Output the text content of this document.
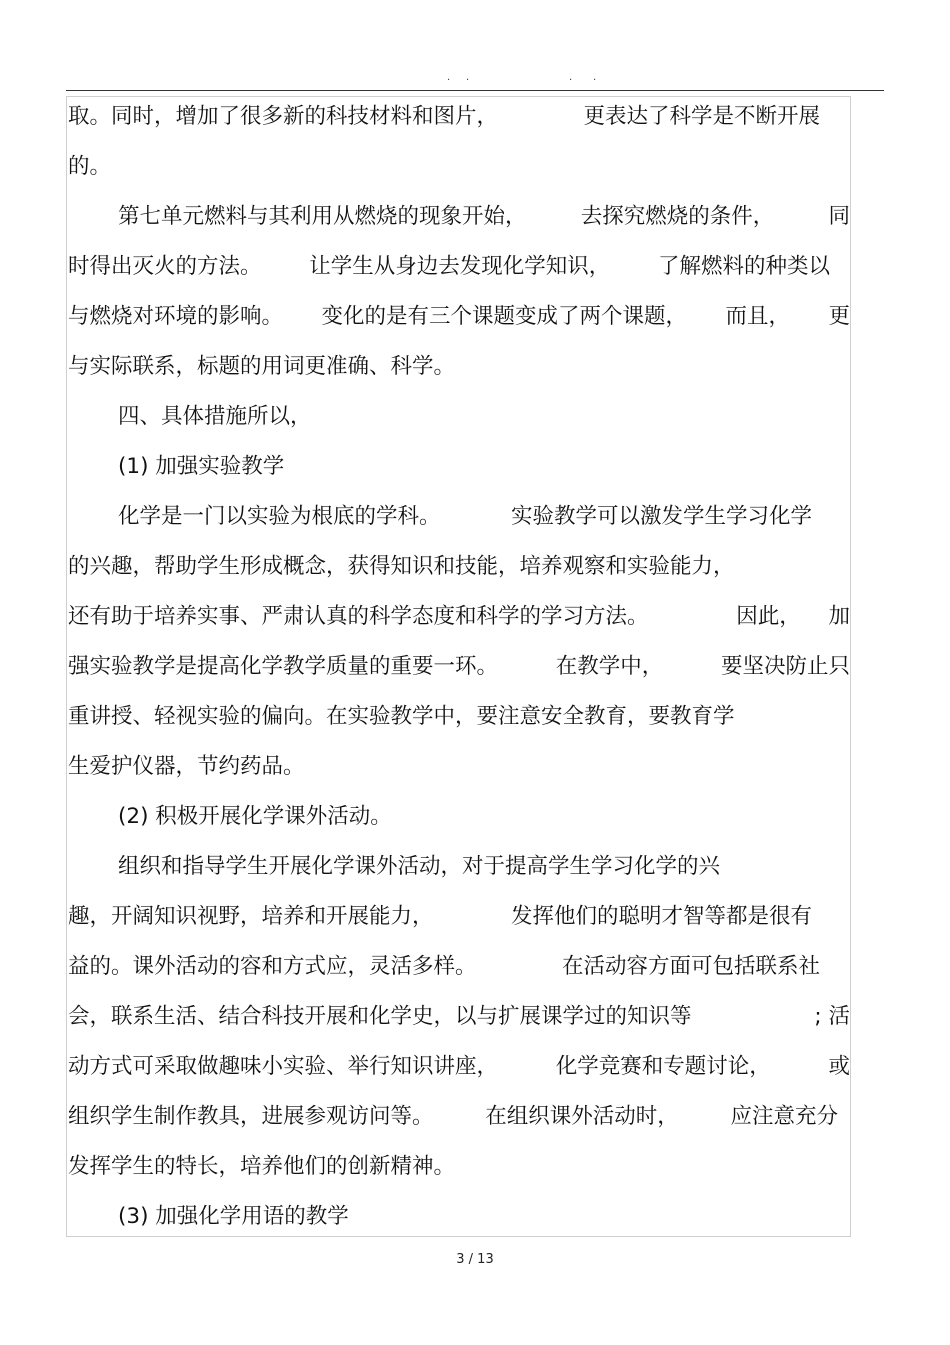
. .	. .
取。同时，增加了很多新的科技材料和图片，	更表达了科学是不断开展
的。
第七单元燃料与其利用从燃烧的现象开始，	去探究燃烧的条件，	同
时得出灭火的方法。 让学生从身边去发现化学知识， 了解燃料的种类以
与燃烧对环境的影响。 变化的是有三个课题变成了两个课题， 而且， 更
与实际联系，标题的用词更准确、科学。
四、具体措施所以，
(1) 加强实验教学
化学是一门以实验为根底的学科。	实验教学可以激发学生学习化学
的兴趣，帮助学生形成概念，获得知识和技能，培养观察和实验能力，
还有助于培养实事、严肃认真的科学态度和科学的学习方法。	因此， 加
强实验教学是提高化学教学质量的重要一环。	在教学中，	要坚决防止只
重讲授、轻视实验的偏向。在实验教学中，要注意安全教育，要教育学
生爱护仪器，节约药品。
(2) 积极开展化学课外活动。
组织和指导学生开展化学课外活动，对于提高学生学习化学的兴
趣，开阔知识视野，培养和开展能力，	发挥他们的聪明才智等都是很有
益的。课外活动的容和方式应，灵活多样。	在活动容方面可包括联系社
会，联系生活、结合科技开展和化学史，以与扩展课学过的知识等	; 活
动方式可采取做趣味小实验、举行知识讲座，	化学竞赛和专题讨论，	或
组织学生制作教具，进展参观访问等。 在组织课外活动时， 应注意充分
发挥学生的特长，培养他们的创新精神。
(3) 加强化学用语的教学
3 / 13
